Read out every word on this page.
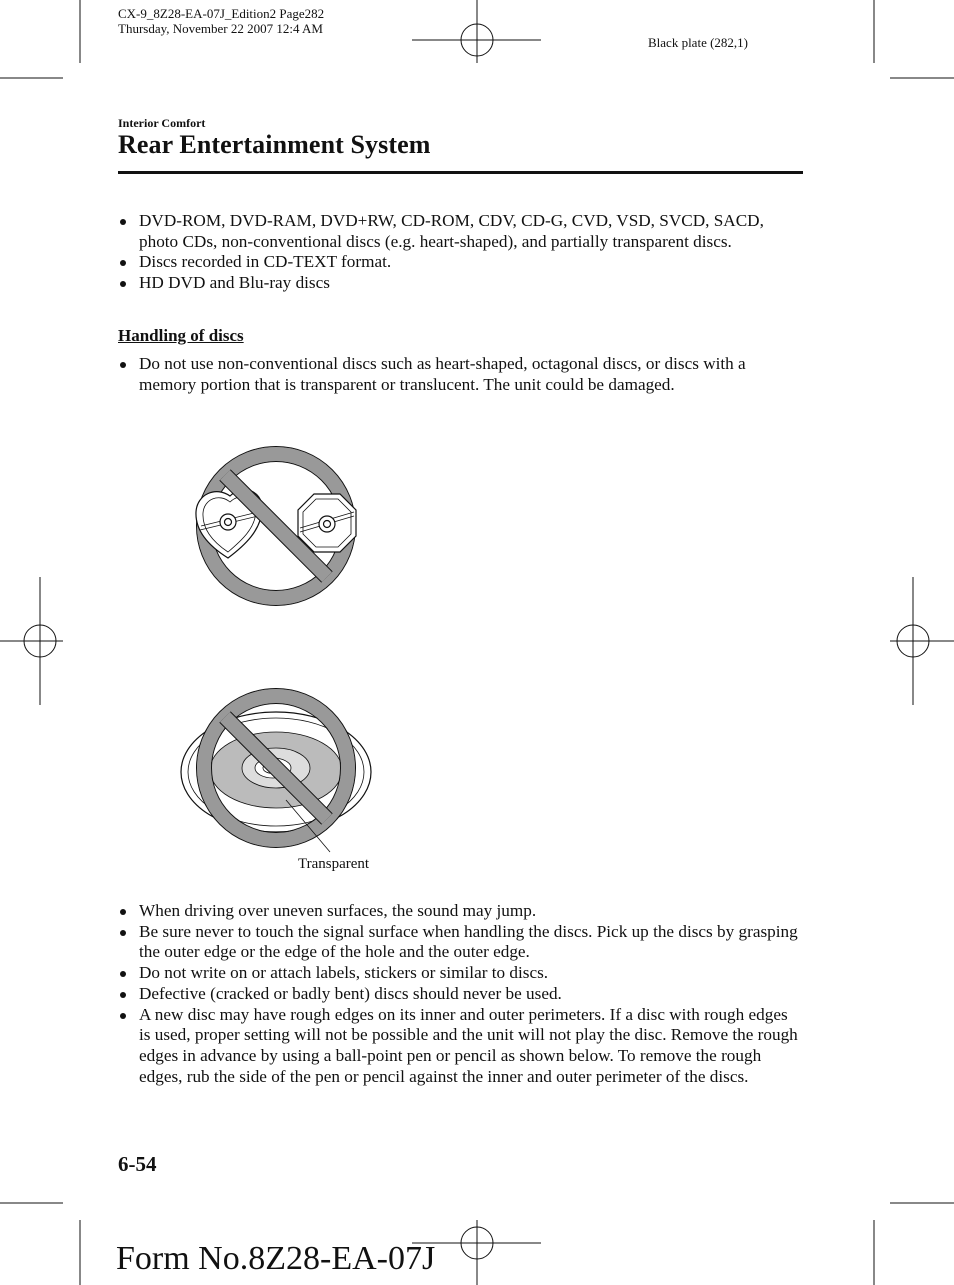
CX-9_8Z28-EA-07J_Edition2 Page282
Thursday, November 22 2007 12:4 AM
Black plate (282,1)
Interior Comfort
Rear Entertainment System
DVD-ROM, DVD-RAM, DVD+RW, CD-ROM, CDV, CD-G, CVD, VSD, SVCD, SACD, photo CDs, non-conventional discs (e.g. heart-shaped), and partially transparent discs.
Discs recorded in CD-TEXT format.
HD DVD and Blu-ray discs
Handling of discs
Do not use non-conventional discs such as heart-shaped, octagonal discs, or discs with a memory portion that is transparent or translucent. The unit could be damaged.
Transparent
When driving over uneven surfaces, the sound may jump.
Be sure never to touch the signal surface when handling the discs. Pick up the discs by grasping the outer edge or the edge of the hole and the outer edge.
Do not write on or attach labels, stickers or similar to discs.
Defective (cracked or badly bent) discs should never be used.
A new disc may have rough edges on its inner and outer perimeters. If a disc with rough edges is used, proper setting will not be possible and the unit will not play the disc. Remove the rough edges in advance by using a ball-point pen or pencil as shown below. To remove the rough edges, rub the side of the pen or pencil against the inner and outer perimeter of the discs.
6-54
Form No.8Z28-EA-07J
